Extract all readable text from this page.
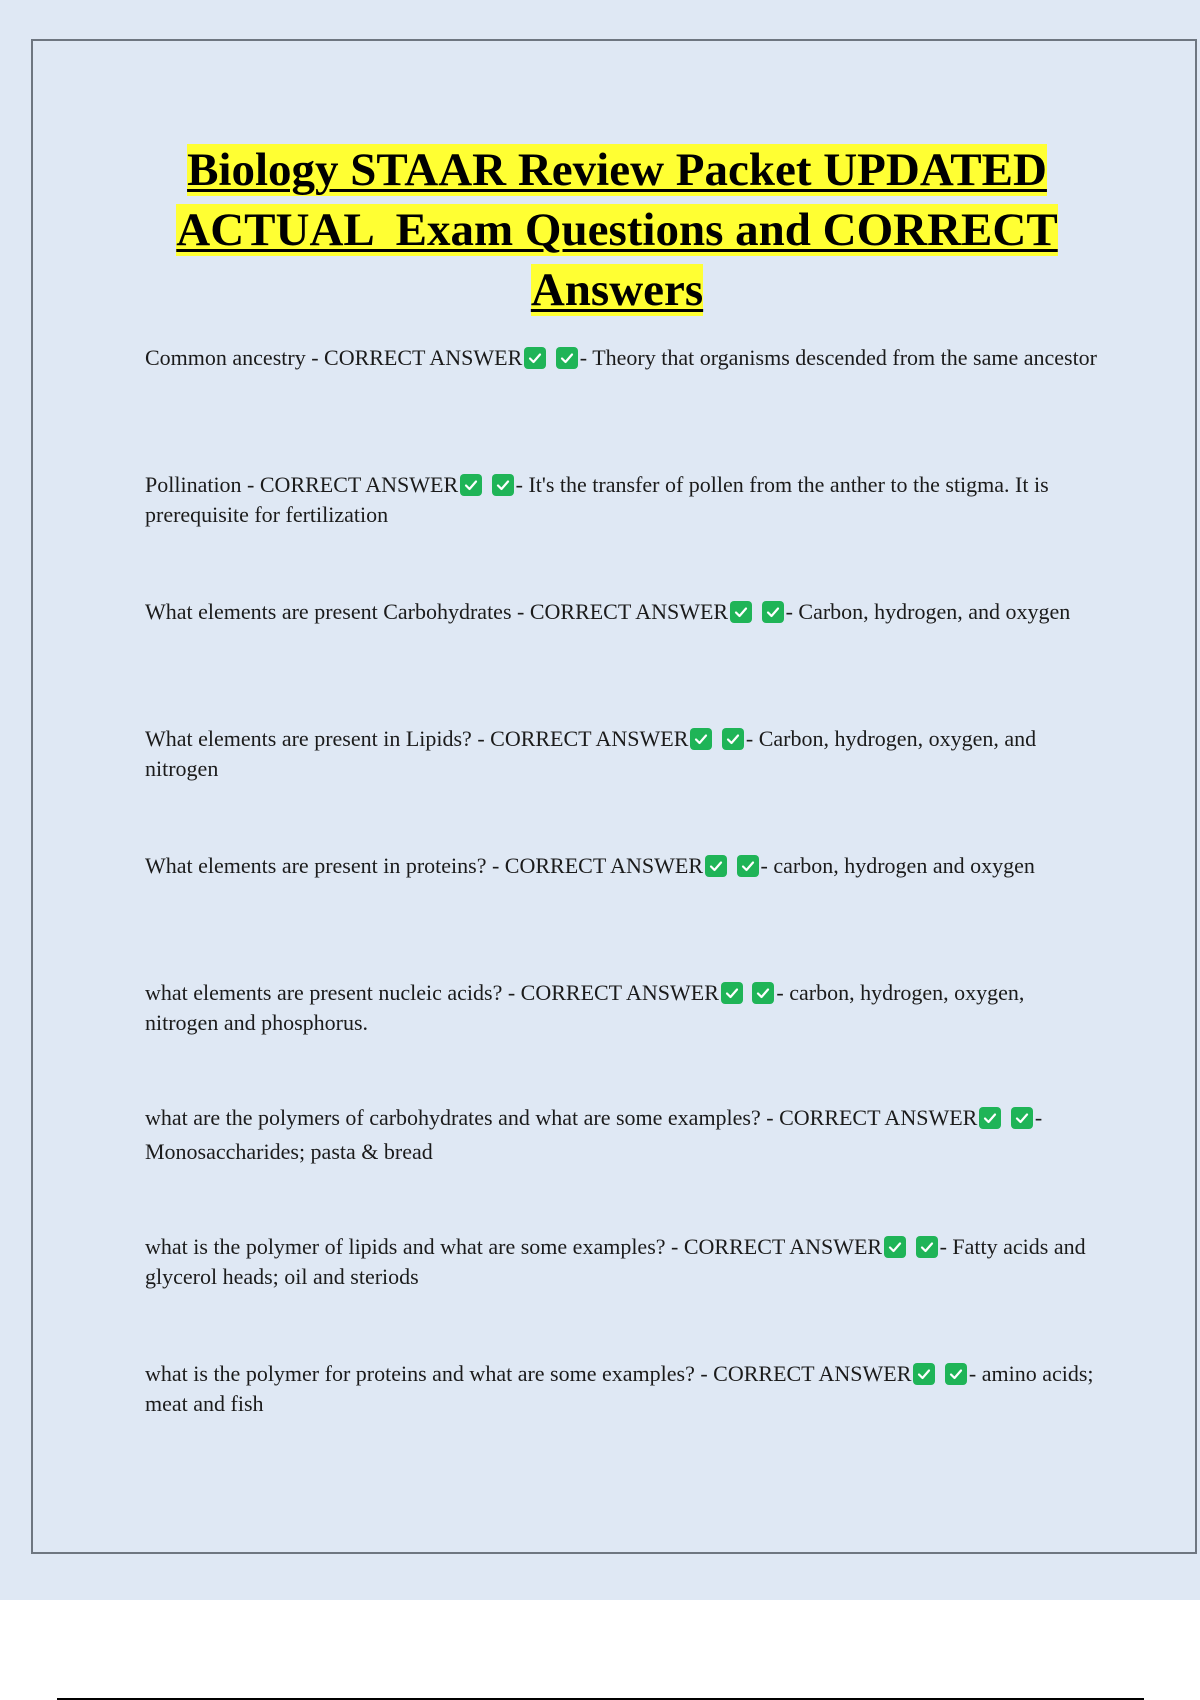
Biology STAAR Review Packet UPDATED
ACTUAL  Exam Questions and CORRECT
Answers
Common ancestry - CORRECT ANSWER
	- Theory that organisms descended from the same ancestor
Pollination - CORRECT ANSWER
	- It's the transfer of pollen from the anther to the stigma. It is prerequisite for fertilization
What elements are present Carbohydrates - CORRECT ANSWER
	- Carbon, hydrogen, and oxygen
What elements are present in Lipids? - CORRECT ANSWER
	- Carbon, hydrogen, oxygen, and nitrogen
What elements are present in proteins? - CORRECT ANSWER
	- carbon, hydrogen and oxygen
what elements are present nucleic acids? - CORRECT ANSWER
	- carbon, hydrogen, oxygen, nitrogen and phosphorus.
what are the polymers of carbohydrates and what are some examples? - CORRECT ANSWER
	- Monosaccharides; pasta & bread
what is the polymer of lipids and what are some examples? - CORRECT ANSWER
	- Fatty acids and glycerol heads; oil and steriods
what is the polymer for proteins and what are some examples? - CORRECT ANSWER
	- amino acids; meat and fish
